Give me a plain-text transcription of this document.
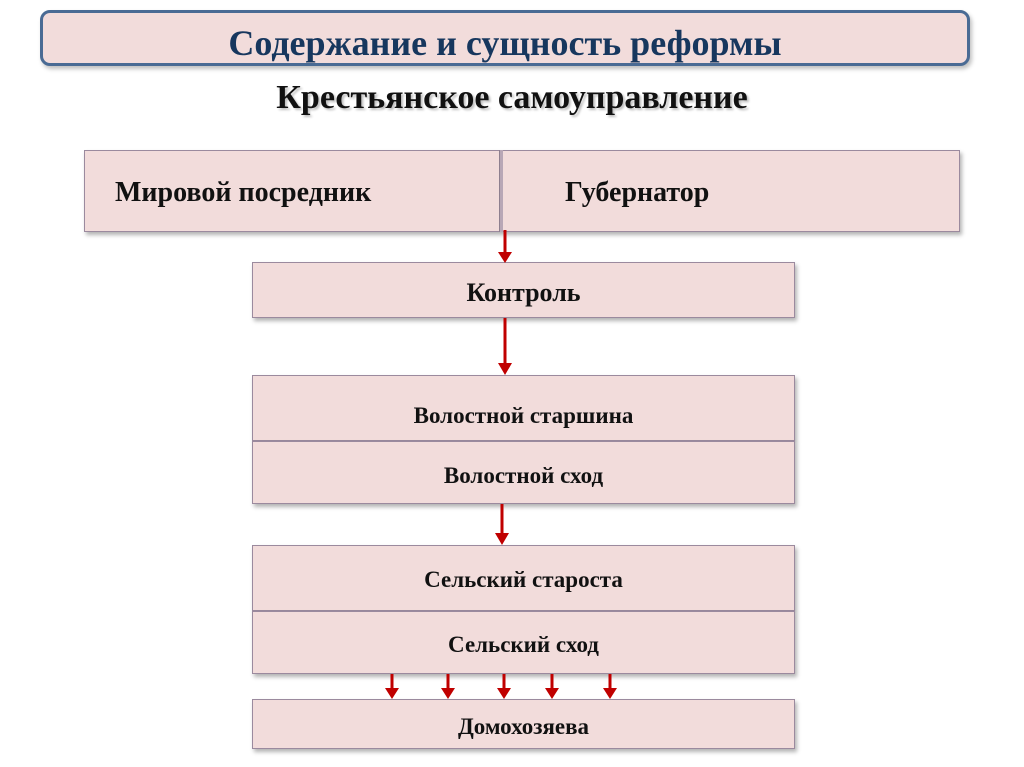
Содержание и сущность реформы
Крестьянское самоуправление
Мировой посредник	Губернатор
Контроль
Волостной старшина
Волостной сход
Сельский староста
Сельский сход
Домохозяева
